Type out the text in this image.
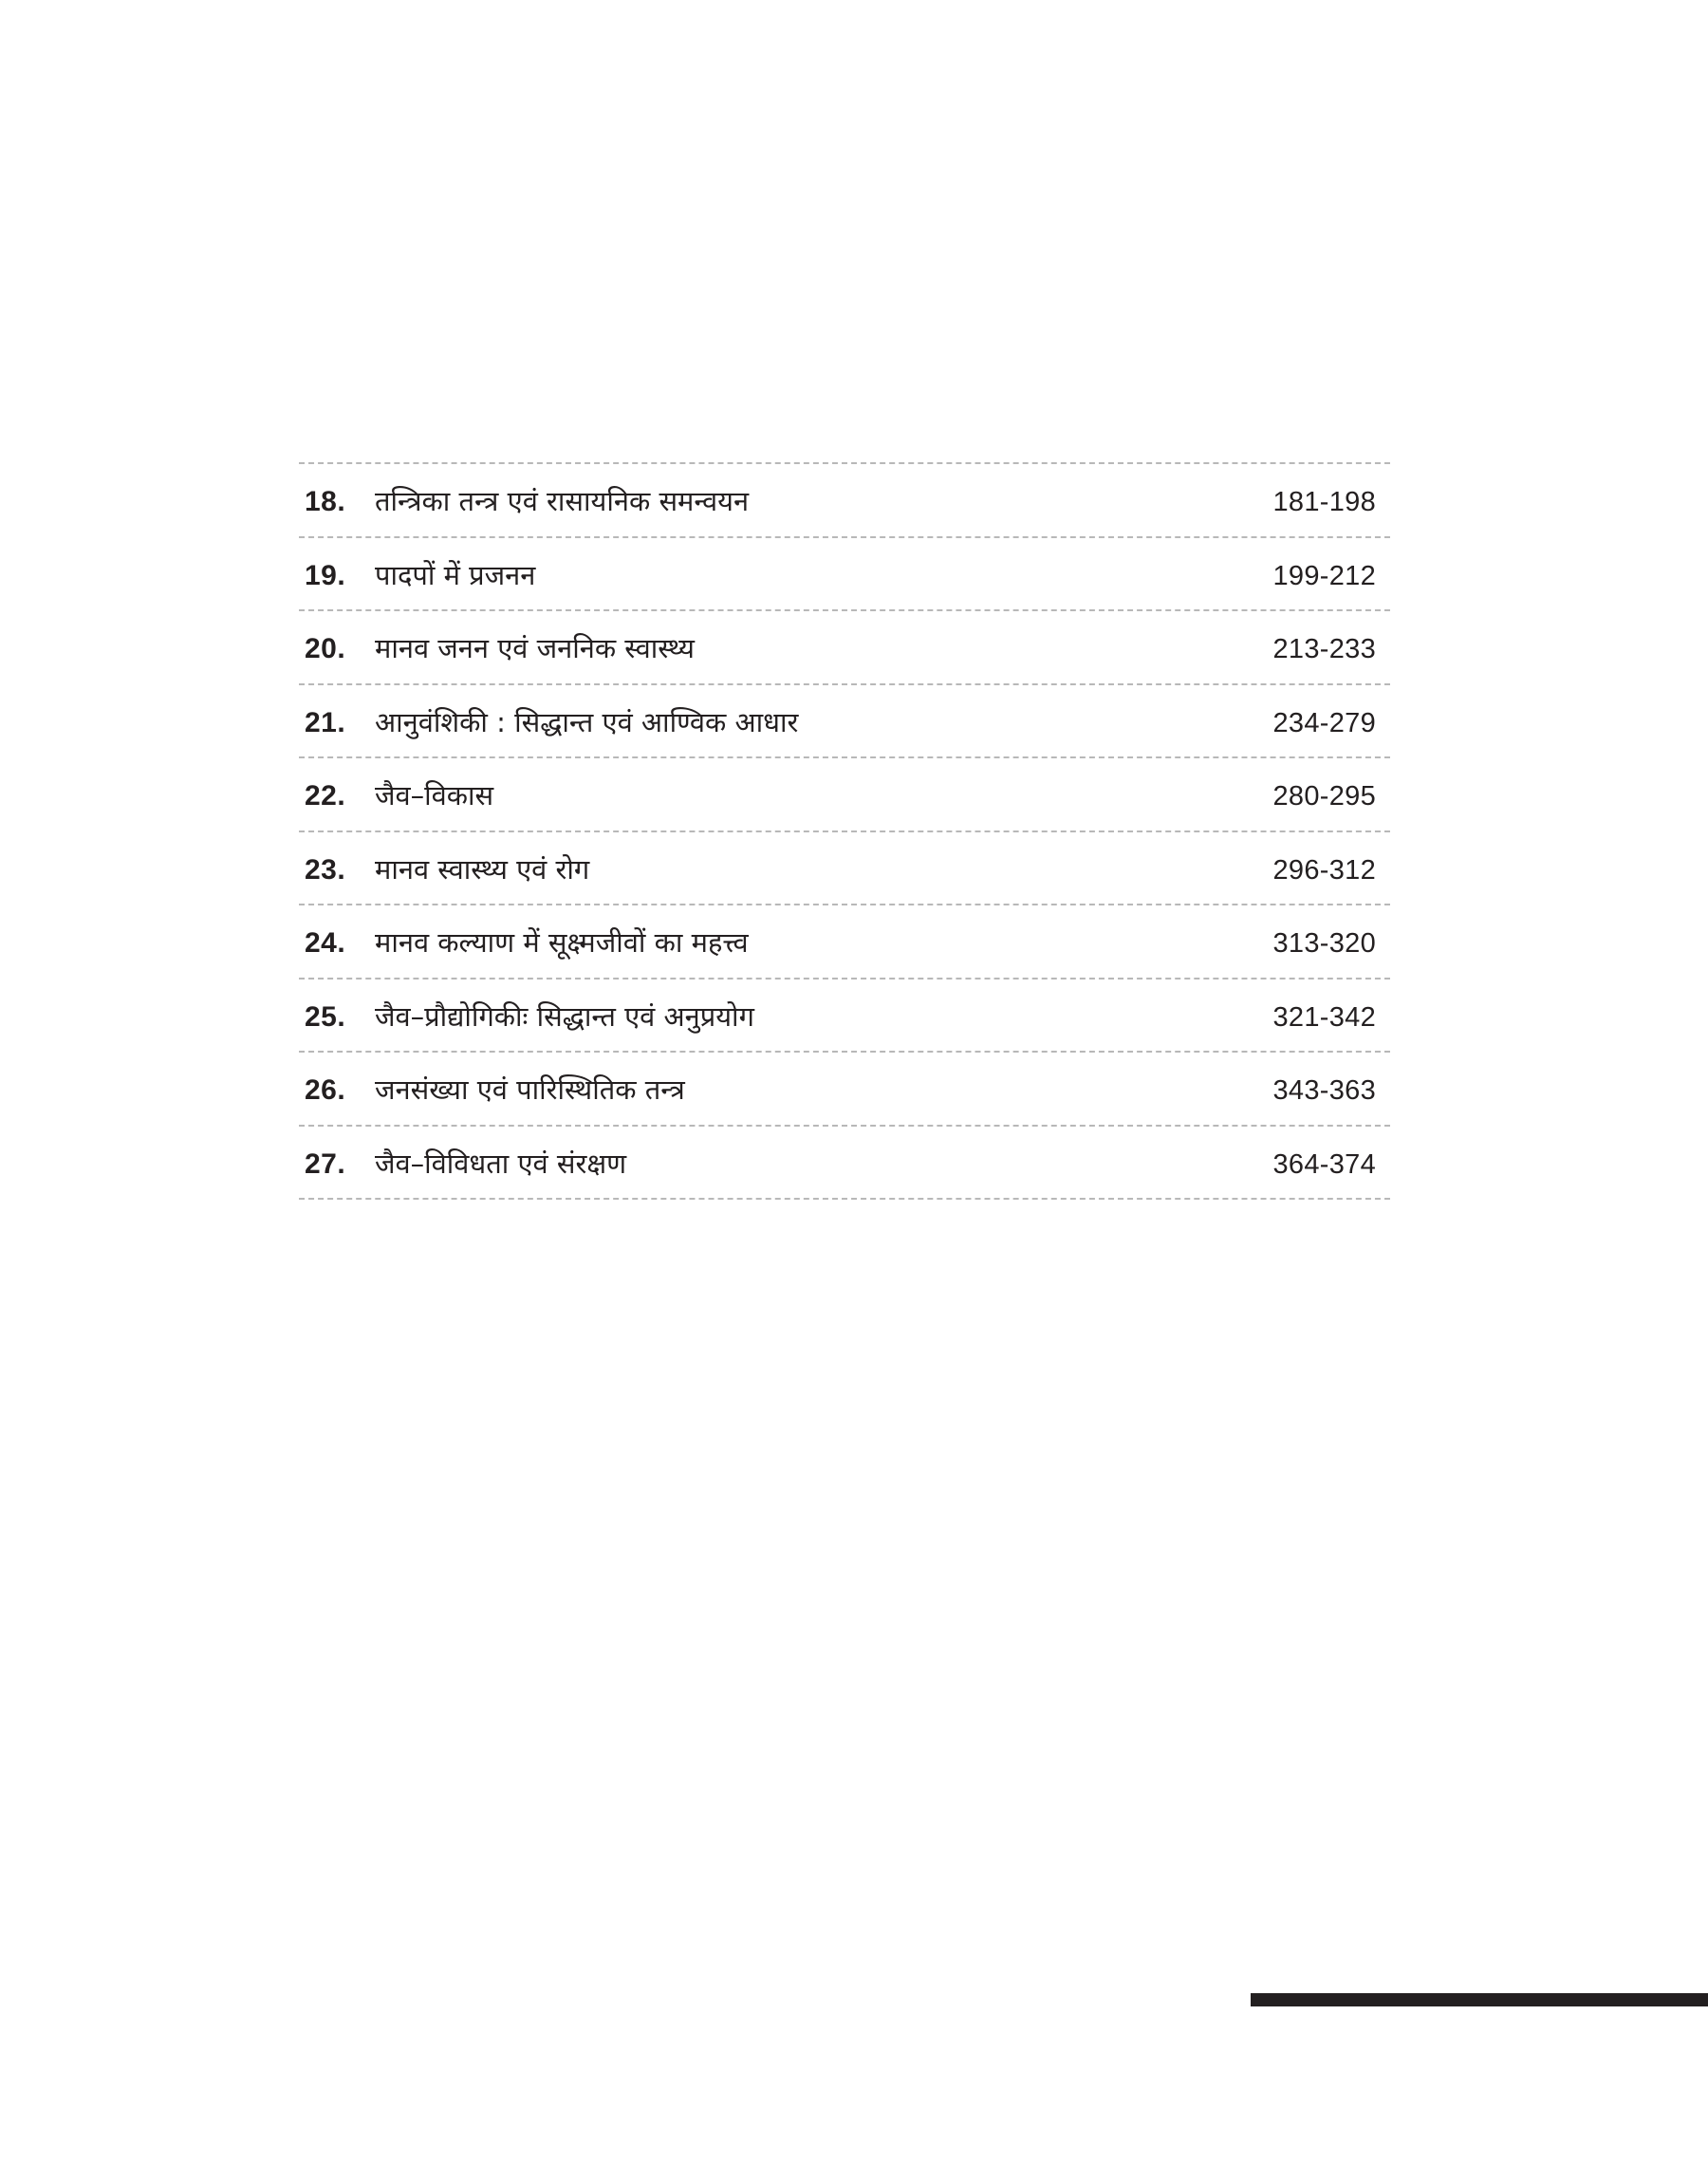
18. तन्त्रिका तन्त्र एवं रासायनिक समन्वयन	181-198
19. पादपों में प्रजनन	199-212
20. मानव जनन एवं जननिक स्वास्थ्य	213-233
21. आनुवंशिकी : सिद्धान्त एवं आण्विक आधार	234-279
22. जैव–विकास	280-295
23. मानव स्वास्थ्य एवं रोग	296-312
24. मानव कल्याण में सूक्ष्मजीवों का महत्त्व	313-320
25. जैव–प्रौद्योगिकीः सिद्धान्त एवं अनुप्रयोग	321-342
26. जनसंख्या एवं पारिस्थितिक तन्त्र	343-363
27. जैव–विविधता एवं संरक्षण	364-374
